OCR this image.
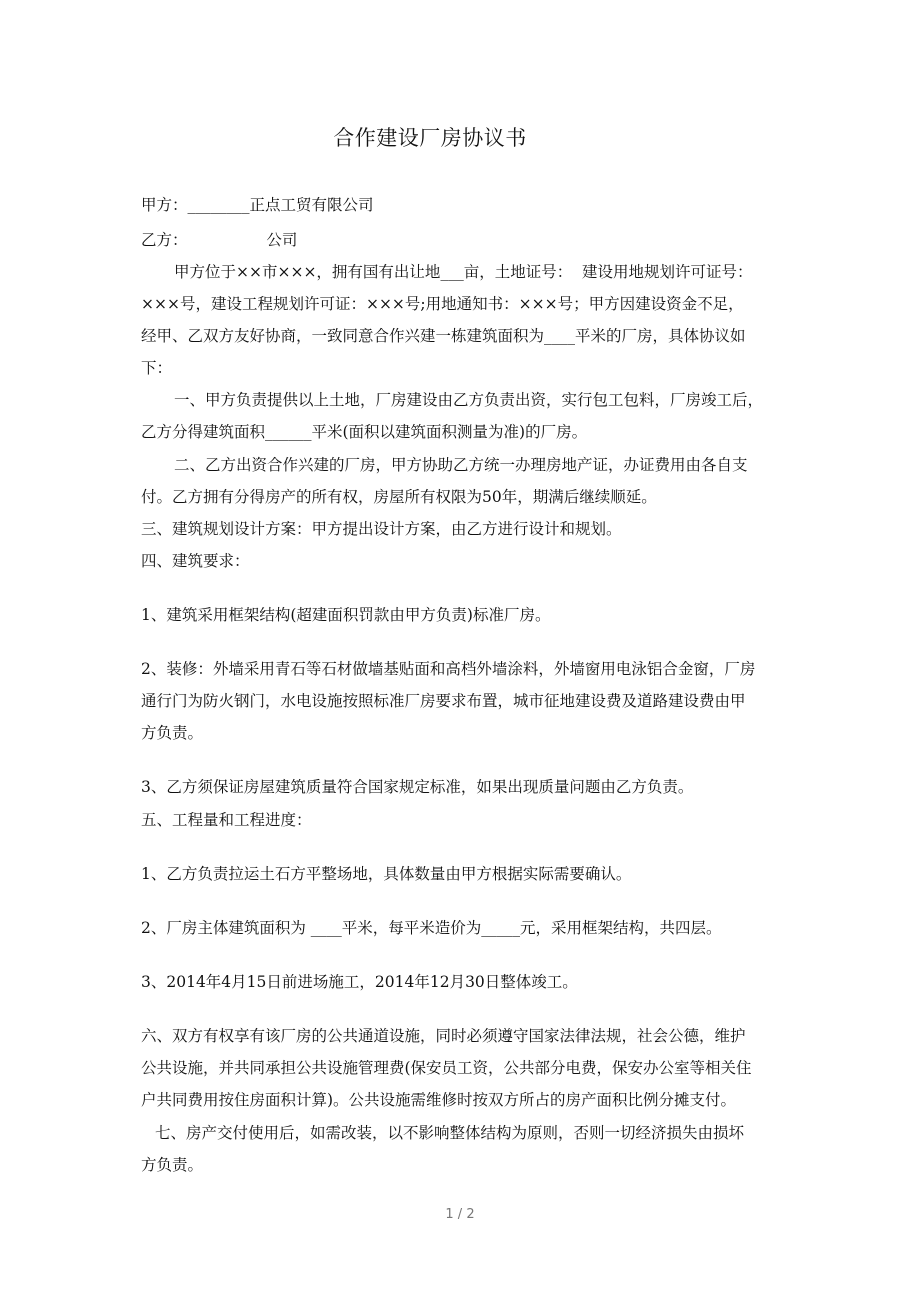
合作建设厂房协议书
甲方：________正点工贸有限公司
乙方：                公司
甲方位于××市×××，拥有国有出让地___亩，土地证号：  建设用地规划许可证号：
×××号，建设工程规划许可证：×××号;用地通知书：×××号；甲方因建设资金不足，
经甲、乙双方友好协商，一致同意合作兴建一栋建筑面积为____平米的厂房，具体协议如
下：
一、甲方负责提供以上土地，厂房建设由乙方负责出资，实行包工包料，厂房竣工后，
乙方分得建筑面积______平米(面积以建筑面积测量为准)的厂房。
二、乙方出资合作兴建的厂房，甲方协助乙方统一办理房地产证，办证费用由各自支
付。乙方拥有分得房产的所有权，房屋所有权限为50年，期满后继续顺延。
三、建筑规划设计方案：甲方提出设计方案，由乙方进行设计和规划。
四、建筑要求：
1、建筑采用框架结构(超建面积罚款由甲方负责)标准厂房。
2、装修：外墙采用青石等石材做墙基贴面和高档外墙涂料，外墙窗用电泳铝合金窗，厂房
通行门为防火钢门，水电设施按照标准厂房要求布置，城市征地建设费及道路建设费由甲
方负责。
3、乙方须保证房屋建筑质量符合国家规定标准，如果出现质量问题由乙方负责。
五、工程量和工程进度：
1、乙方负责拉运土石方平整场地，具体数量由甲方根据实际需要确认。
2、厂房主体建筑面积为 ____平米，每平米造价为_____元，采用框架结构，共四层。
3、2014年4月15日前进场施工，2014年12月30日整体竣工。
六、双方有权享有该厂房的公共通道设施，同时必须遵守国家法律法规，社会公德，维护
公共设施，并共同承担公共设施管理费(保安员工资，公共部分电费，保安办公室等相关住
户共同费用按住房面积计算)。公共设施需维修时按双方所占的房产面积比例分摊支付。
七、房产交付使用后，如需改装，以不影响整体结构为原则，否则一切经济损失由损坏
方负责。
1 / 2
